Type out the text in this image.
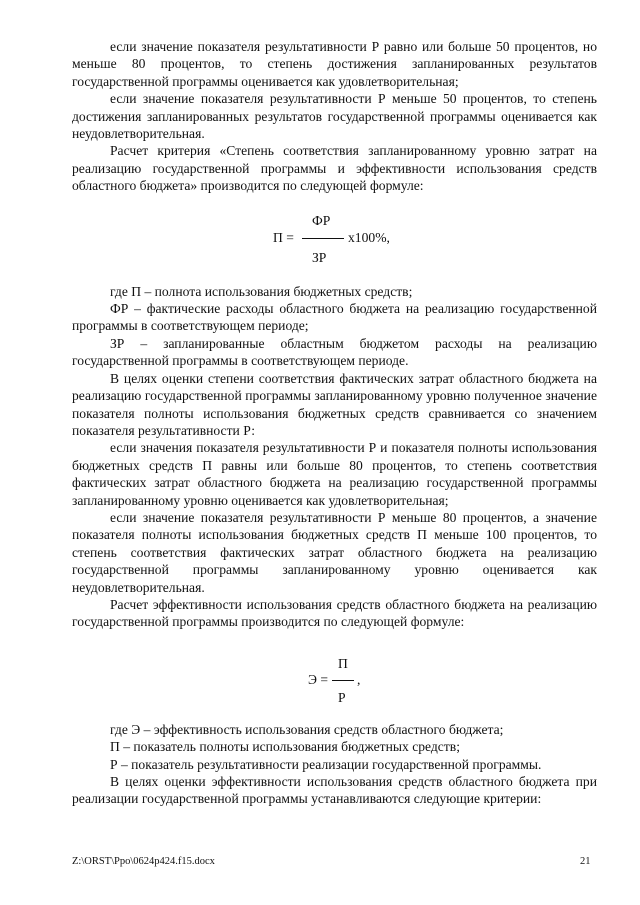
если значение показателя результативности Р равно или больше 50 процентов, но меньше 80 процентов, то степень достижения запланированных результатов государственной программы оценивается как удовлетворительная;

если значение показателя результативности Р меньше 50 процентов, то степень достижения запланированных результатов государственной программы оценивается как неудовлетворительная.

Расчет критерия «Степень соответствия запланированному уровню затрат на реализацию государственной программы и эффективности использования средств областного бюджета» производится по следующей формуле:

ФР
П =	х100%,
ЗР

где П – полнота использования бюджетных средств;

ФР – фактические расходы областного бюджета на реализацию государственной программы в соответствующем периоде;

ЗР – запланированные областным бюджетом расходы на реализацию государственной программы в соответствующем периоде.

В целях оценки степени соответствия фактических затрат областного бюджета на реализацию государственной программы запланированному уровню полученное значение показателя полноты использования бюджетных средств сравнивается со значением показателя результативности Р:

если значения показателя результативности Р и показателя полноты использования бюджетных средств П равны или больше 80 процентов, то степень соответствия фактических затрат областного бюджета на реализацию государственной программы запланированному уровню оценивается как удовлетворительная;

если значение показателя результативности Р меньше 80 процентов, а значение показателя полноты использования бюджетных средств П меньше 100 процентов, то степень соответствия фактических затрат областного бюджета на реализацию государственной программы запланированному уровню оценивается как неудовлетворительная.

Расчет эффективности использования средств областного бюджета на реализацию государственной программы производится по следующей формуле:

П
Э = ,
Р

где Э – эффективность использования средств областного бюджета;

П – показатель полноты использования бюджетных средств;

Р – показатель результативности реализации государственной программы.

В целях оценки эффективности использования средств областного бюджета при реализации государственной программы устанавливаются следующие критерии:

Z:\ORST\Ppo\0624p424.f15.docx	21
